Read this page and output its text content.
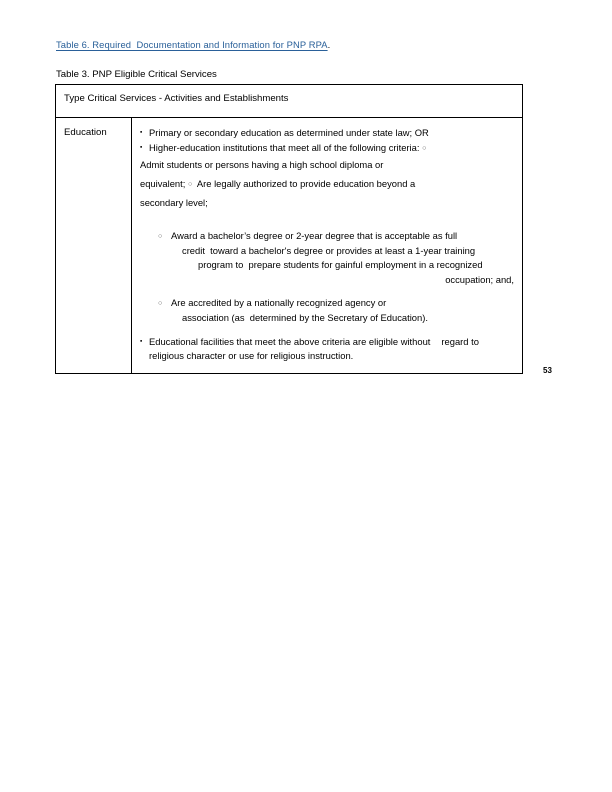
Table 6. Required  Documentation and Information for PNP RPA.
Table 3. PNP Eligible Critical Services
Type Critical Services - Activities and Establishments
Education	▪ Primary or secondary education as determined under state law; OR
▪ Higher-education institutions that meet all of the following criteria: ○
Admit students or persons having a high school diploma or
equivalent; ○  Are legally authorized to provide education beyond a
secondary level;
○ Award a bachelor’s degree or 2-year degree that is acceptable as full
credit  toward a bachelor's degree or provides at least a 1-year training
program to  prepare students for gainful employment in a recognized
occupation; and,
○ Are accredited by a nationally recognized agency or
association (as  determined by the Secretary of Education).
▪ Educational facilities that meet the above criteria are eligible without regard to  religious character or use for religious instruction.
53
